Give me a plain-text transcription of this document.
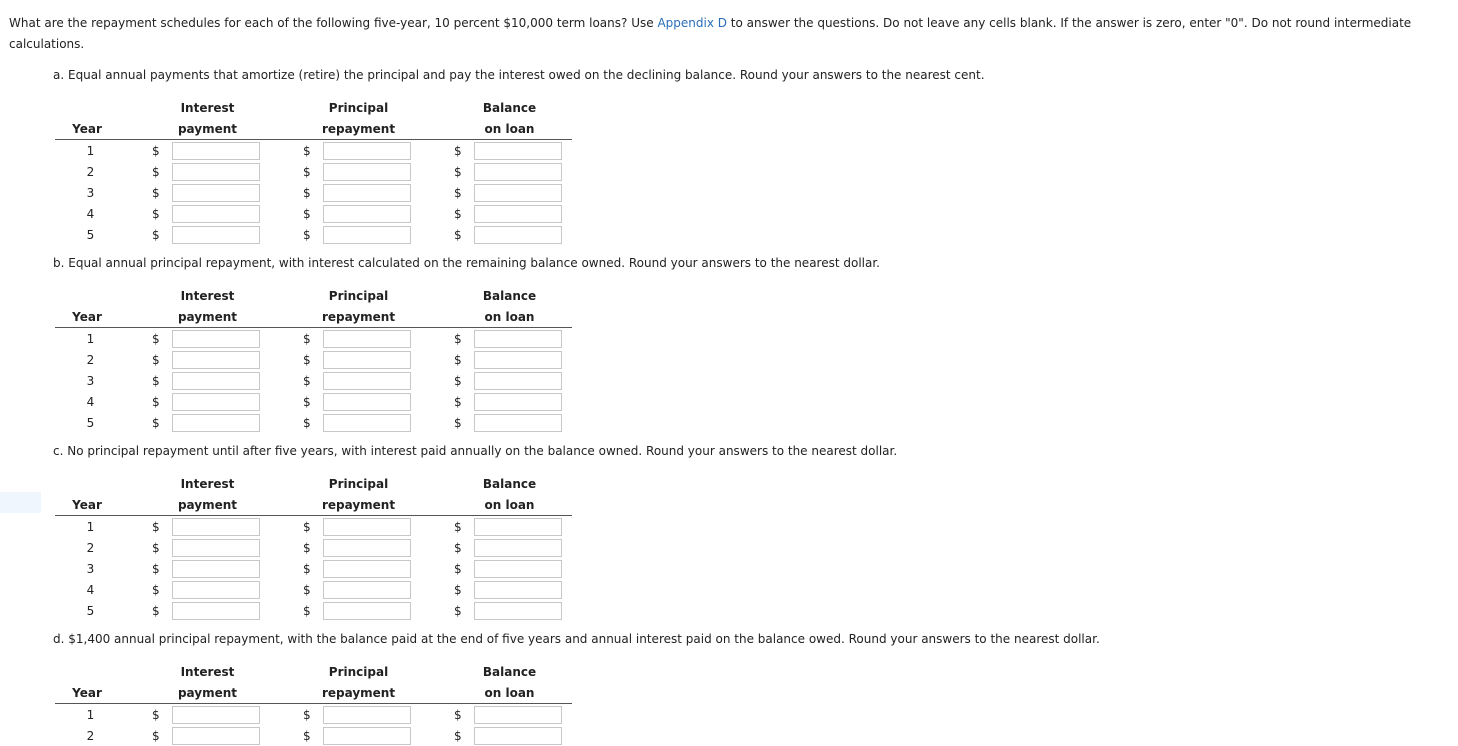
What are the repayment schedules for each of the following five-year, 10 percent $10,000 term loans? Use Appendix D to answer the questions. Do not leave any cells blank. If the answer is zero, enter "0". Do not round intermediate calculations.
a. Equal annual payments that amortize (retire) the principal and pay the interest owed on the declining balance. Round your answers to the nearest cent.
		Interest			Principal			Balance	
Year		payment			repayment			on loan	
1		$			$			$	

2		$			$			$	

3		$			$			$	

4		$			$			$	

5		$			$			$	
b. Equal annual principal repayment, with interest calculated on the remaining balance owned. Round your answers to the nearest dollar.
		Interest			Principal			Balance	
Year		payment			repayment			on loan	
1		$			$			$	

2		$			$			$	

3		$			$			$	

4		$			$			$	

5		$			$			$	
c. No principal repayment until after five years, with interest paid annually on the balance owned. Round your answers to the nearest dollar.
		Interest			Principal			Balance	
Year		payment			repayment			on loan	
1		$			$			$	

2		$			$			$	

3		$			$			$	

4		$			$			$	

5		$			$			$	
d. $1,400 annual principal repayment, with the balance paid at the end of five years and annual interest paid on the balance owed. Round your answers to the nearest dollar.
		Interest			Principal			Balance	
Year		payment			repayment			on loan	
1		$			$			$	

2		$			$			$	
